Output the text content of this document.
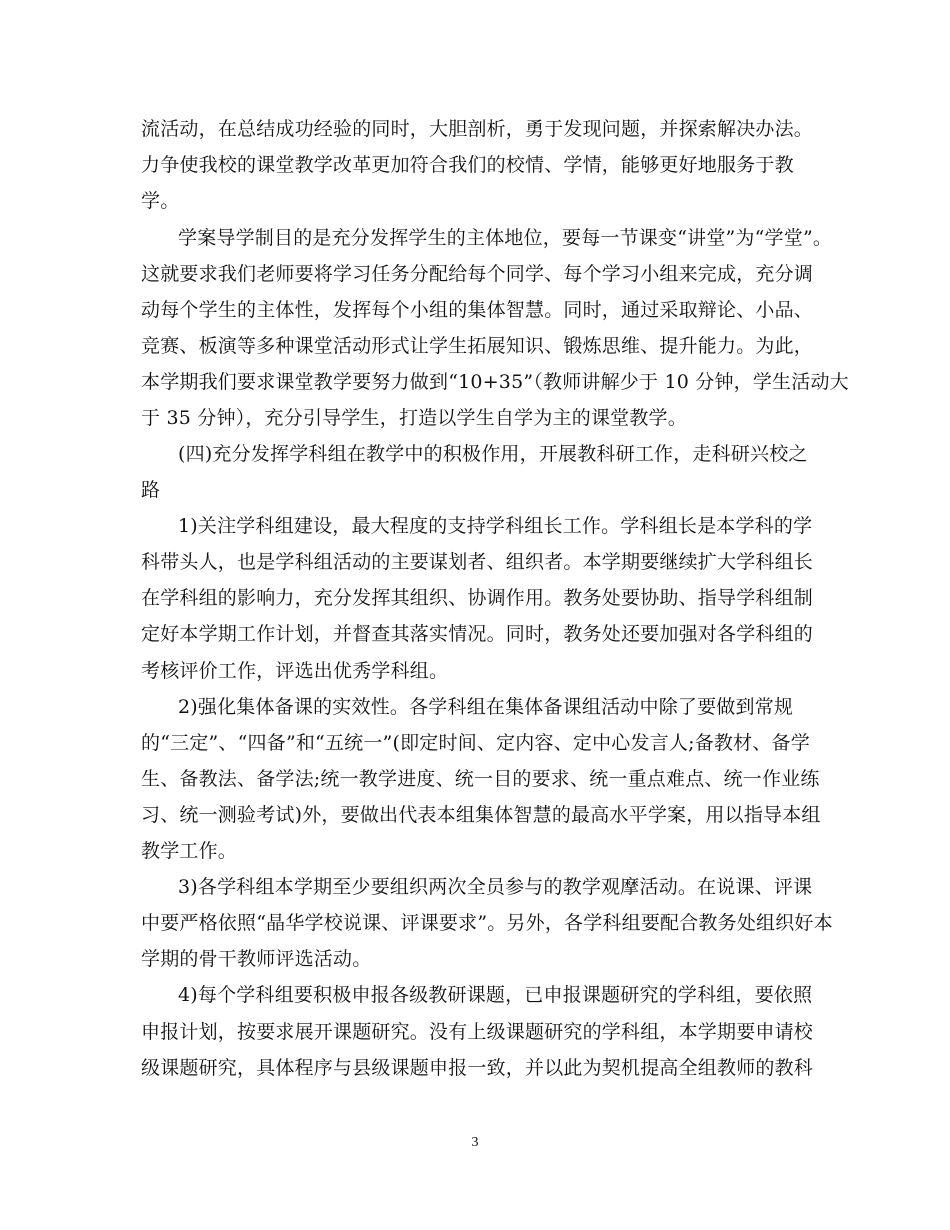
流活动，在总结成功经验的同时，大胆剖析，勇于发现问题，并探索解决办法。
力争使我校的课堂教学改革更加符合我们的校情、学情，能够更好地服务于教
学。
学案导学制目的是充分发挥学生的主体地位，要每一节课变“讲堂”为“学堂”。
这就要求我们老师要将学习任务分配给每个同学、每个学习小组来完成，充分调
动每个学生的主体性，发挥每个小组的集体智慧。同时，通过采取辩论、小品、
竞赛、板演等多种课堂活动形式让学生拓展知识、锻炼思维、提升能力。为此，
本学期我们要求课堂教学要努力做到“10+35”（教师讲解少于 10 分钟，学生活动大
于 35 分钟），充分引导学生，打造以学生自学为主的课堂教学。
(四)充分发挥学科组在教学中的积极作用，开展教科研工作，走科研兴校之
路
1)关注学科组建设，最大程度的支持学科组长工作。学科组长是本学科的学
科带头人，也是学科组活动的主要谋划者、组织者。本学期要继续扩大学科组长
在学科组的影响力，充分发挥其组织、协调作用。教务处要协助、指导学科组制
定好本学期工作计划，并督查其落实情况。同时，教务处还要加强对各学科组的
考核评价工作，评选出优秀学科组。
2)强化集体备课的实效性。各学科组在集体备课组活动中除了要做到常规
的“三定”、“四备”和“五统一”(即定时间、定内容、定中心发言人;备教材、备学
生、备教法、备学法;统一教学进度、统一目的要求、统一重点难点、统一作业练
习、统一测验考试)外，要做出代表本组集体智慧的最高水平学案，用以指导本组
教学工作。
3)各学科组本学期至少要组织两次全员参与的教学观摩活动。在说课、评课
中要严格依照“晶华学校说课、评课要求”。另外，各学科组要配合教务处组织好本
学期的骨干教师评选活动。
4)每个学科组要积极申报各级教研课题，已申报课题研究的学科组，要依照
申报计划，按要求展开课题研究。没有上级课题研究的学科组，本学期要申请校
级课题研究，具体程序与县级课题申报一致，并以此为契机提高全组教师的教科
3
